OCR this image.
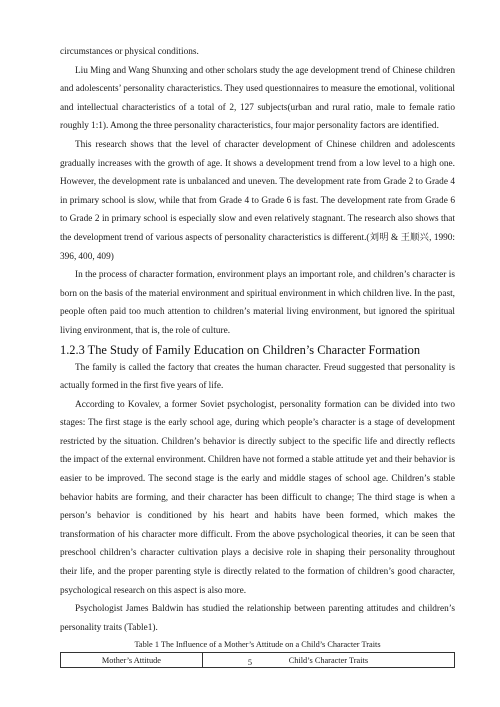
circumstances or physical conditions.

Liu Ming and Wang Shunxing and other scholars study the age development trend of Chinese children and adolescents’ personality characteristics. They used questionnaires to measure the emotional, volitional and intellectual characteristics of a total of 2, 127 subjects(urban and rural ratio, male to female ratio roughly 1:1). Among the three personality characteristics, four major personality factors are identified.

This research shows that the level of character development of Chinese children and adolescents gradually increases with the growth of age. It shows a development trend from a low level to a high one. However, the development rate is unbalanced and uneven. The development rate from Grade 2 to Grade 4 in primary school is slow, while that from Grade 4 to Grade 6 is fast. The development rate from Grade 6 to Grade 2 in primary school is especially slow and even relatively stagnant. The research also shows that the development trend of various aspects of personality characteristics is different.(刘明 & 王顺兴, 1990: 396, 400, 409)

In the process of character formation, environment plays an important role, and children’s character is born on the basis of the material environment and spiritual environment in which children live. In the past, people often paid too much attention to children’s material living environment, but ignored the spiritual living environment, that is, the role of culture.

1.2.3 The Study of Family Education on Children’s Character Formation

The family is called the factory that creates the human character. Freud suggested that personality is actually formed in the first five years of life.

According to Kovalev, a former Soviet psychologist, personality formation can be divided into two stages: The first stage is the early school age, during which people’s character is a stage of development restricted by the situation. Children’s behavior is directly subject to the specific life and directly reflects the impact of the external environment. Children have not formed a stable attitude yet and their behavior is easier to be improved. The second stage is the early and middle stages of school age. Children’s stable behavior habits are forming, and their character has been difficult to change; The third stage is when a person’s behavior is conditioned by his heart and habits have been formed, which makes the transformation of his character more difficult. From the above psychological theories, it can be seen that preschool children’s character cultivation plays a decisive role in shaping their personality throughout their life, and the proper parenting style is directly related to the formation of children’s good character, psychological research on this aspect is also more.

Psychologist James Baldwin has studied the relationship between parenting attitudes and children’s personality traits (Table1).

Table 1 The Influence of a Mother’s Attitude on a Child’s Character Traits
Mother’s Attitude	Child’s Character Traits
5
